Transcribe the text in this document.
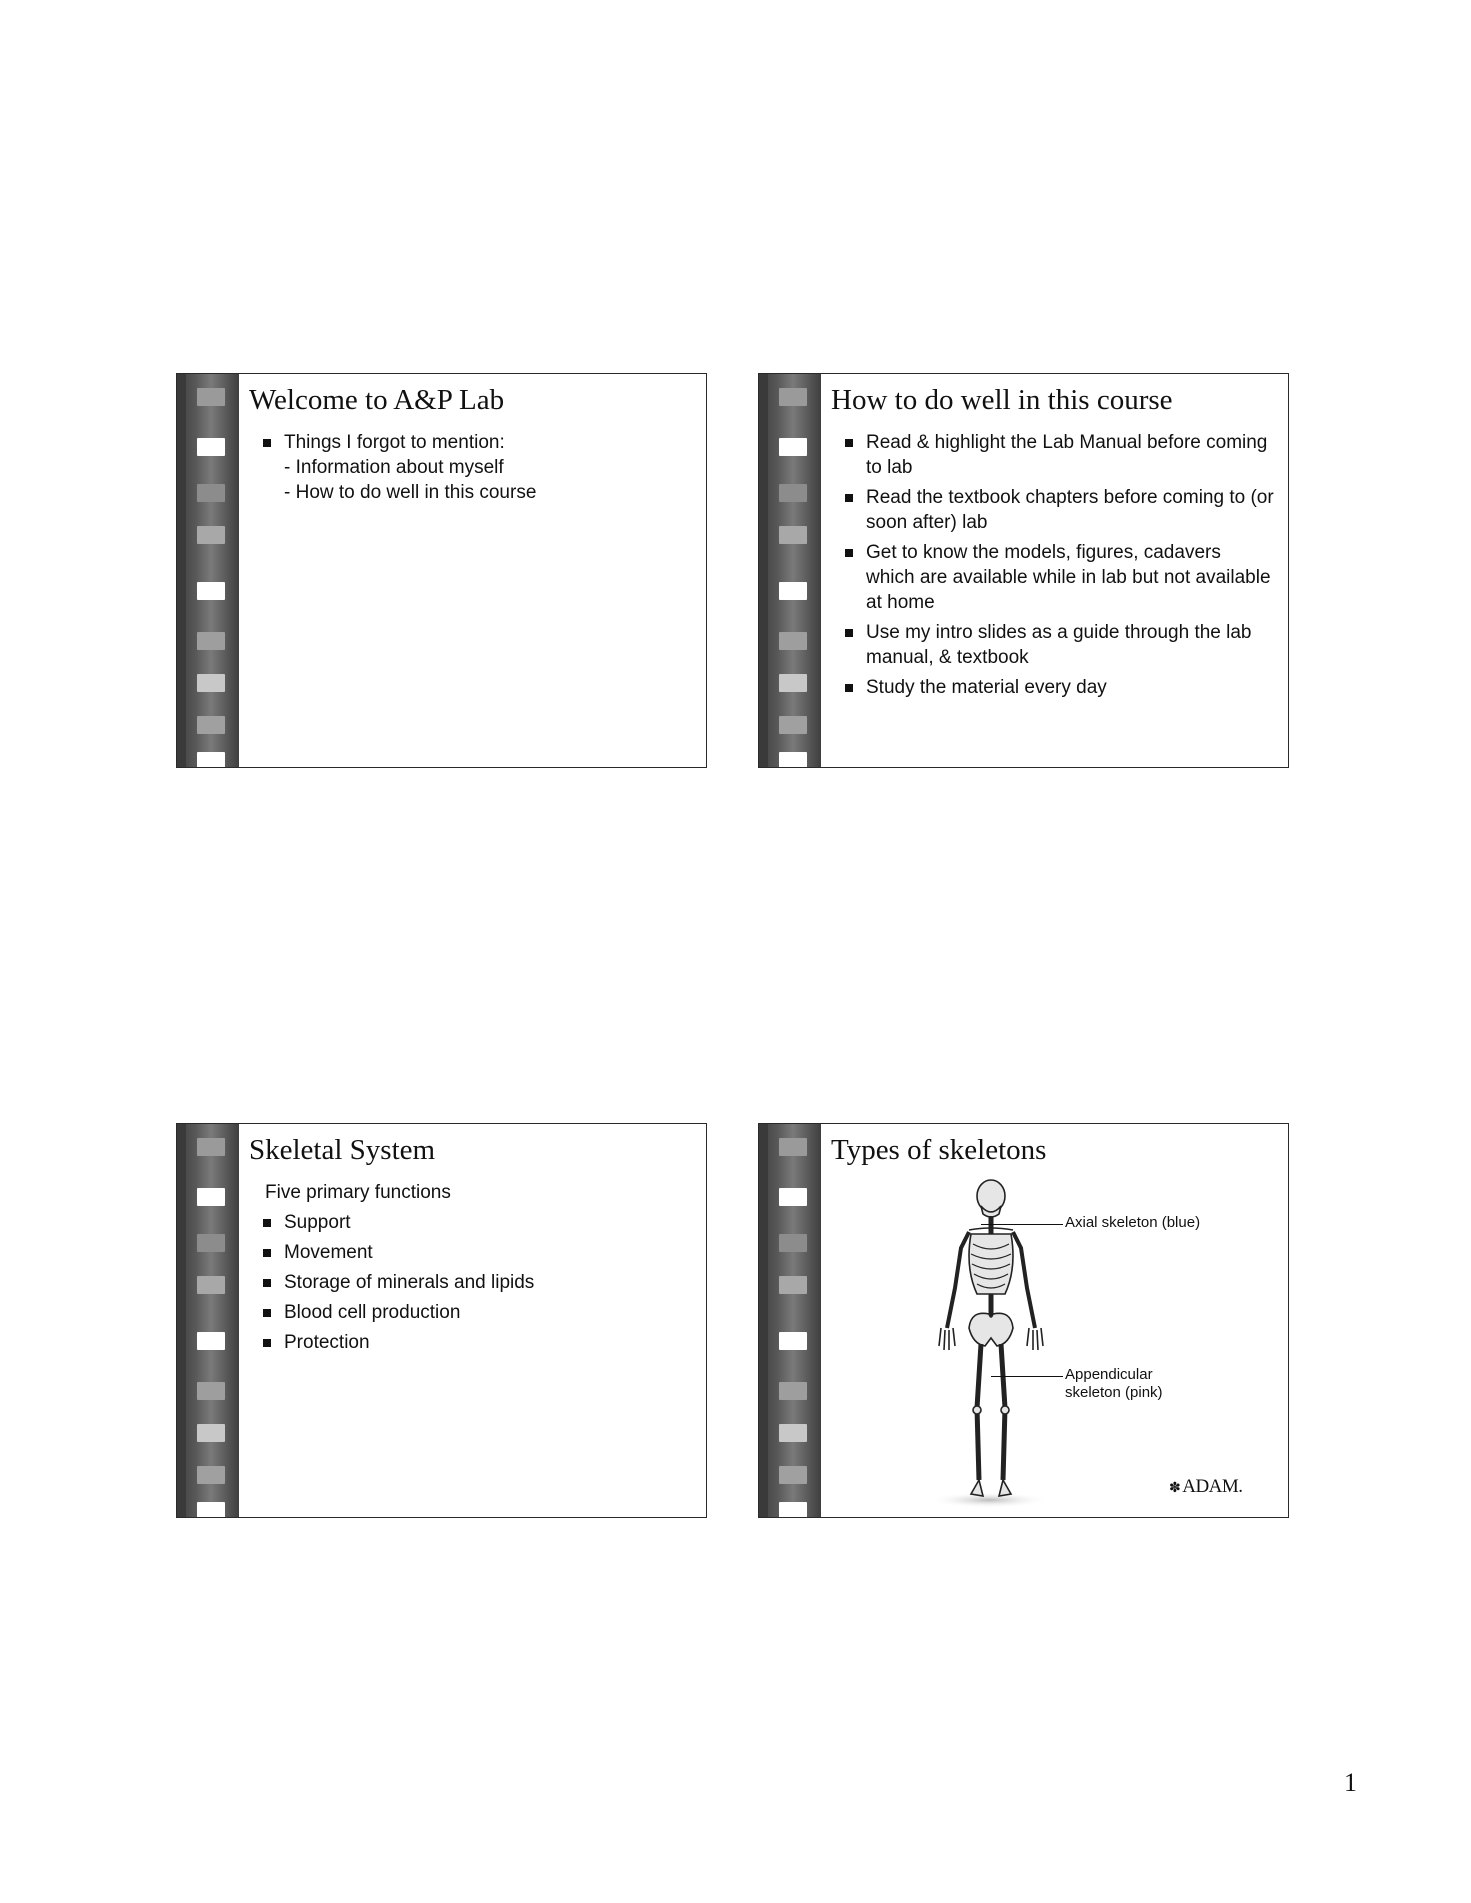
Welcome to A&P Lab
Things I forgot to mention:
- Information about myself
- How to do well in this course
How to do well in this course
Read & highlight the Lab Manual before coming to lab
Read the textbook chapters before coming to (or soon after) lab
Get to know the models, figures, cadavers which are available while in lab but not available at home
Use my intro slides as a guide through the lab manual, & textbook
Study the material every day
Skeletal System
Five primary functions
Support
Movement
Storage of minerals and lipids
Blood cell production
Protection
Types of skeletons
Axial skeleton (blue)
Appendicular skeleton (pink)
✽ ADAM.
1
